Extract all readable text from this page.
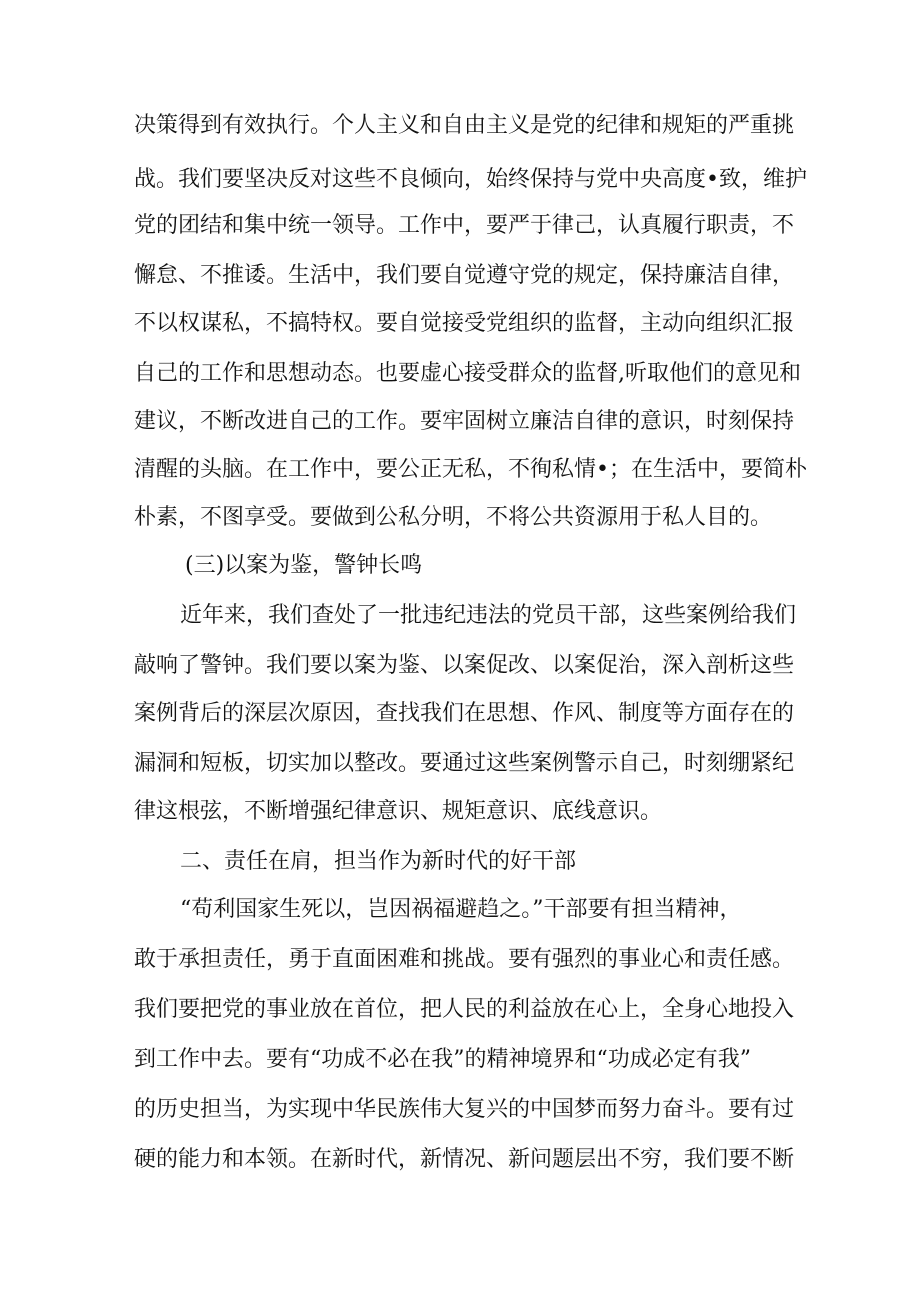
决策得到有效执行。个人主义和自由主义是党的纪律和规矩的严重挑
战。我们要坚决反对这些不良倾向，始终保持与党中央高度•致，维护
党的团结和集中统一领导。工作中，要严于律己，认真履行职责，不
懈怠、不推诿。生活中，我们要自觉遵守党的规定，保持廉洁自律，
不以权谋私，不搞特权。要自觉接受党组织的监督，主动向组织汇报
自己的工作和思想动态。也要虚心接受群众的监督,听取他们的意见和
建议，不断改进自己的工作。要牢固树立廉洁自律的意识，时刻保持
清醒的头脑。在工作中，要公正无私，不徇私情•；在生活中，要简朴
朴素，不图享受。要做到公私分明，不将公共资源用于私人目的。
(三)以案为鉴，警钟长鸣
近年来，我们查处了一批违纪违法的党员干部，这些案例给我们
敲响了警钟。我们要以案为鉴、以案促改、以案促治，深入剖析这些
案例背后的深层次原因，查找我们在思想、作风、制度等方面存在的
漏洞和短板，切实加以整改。要通过这些案例警示自己，时刻绷紧纪
律这根弦，不断增强纪律意识、规矩意识、底线意识。
二、责任在肩，担当作为新时代的好干部
“苟利国家生死以，岂因祸福避趋之。”干部要有担当精神，
敢于承担责任，勇于直面困难和挑战。要有强烈的事业心和责任感。
我们要把党的事业放在首位，把人民的利益放在心上，全身心地投入
到工作中去。要有“功成不必在我”的精神境界和“功成必定有我”
的历史担当，为实现中华民族伟大复兴的中国梦而努力奋斗。要有过
硬的能力和本领。在新时代，新情况、新问题层出不穷，我们要不断
